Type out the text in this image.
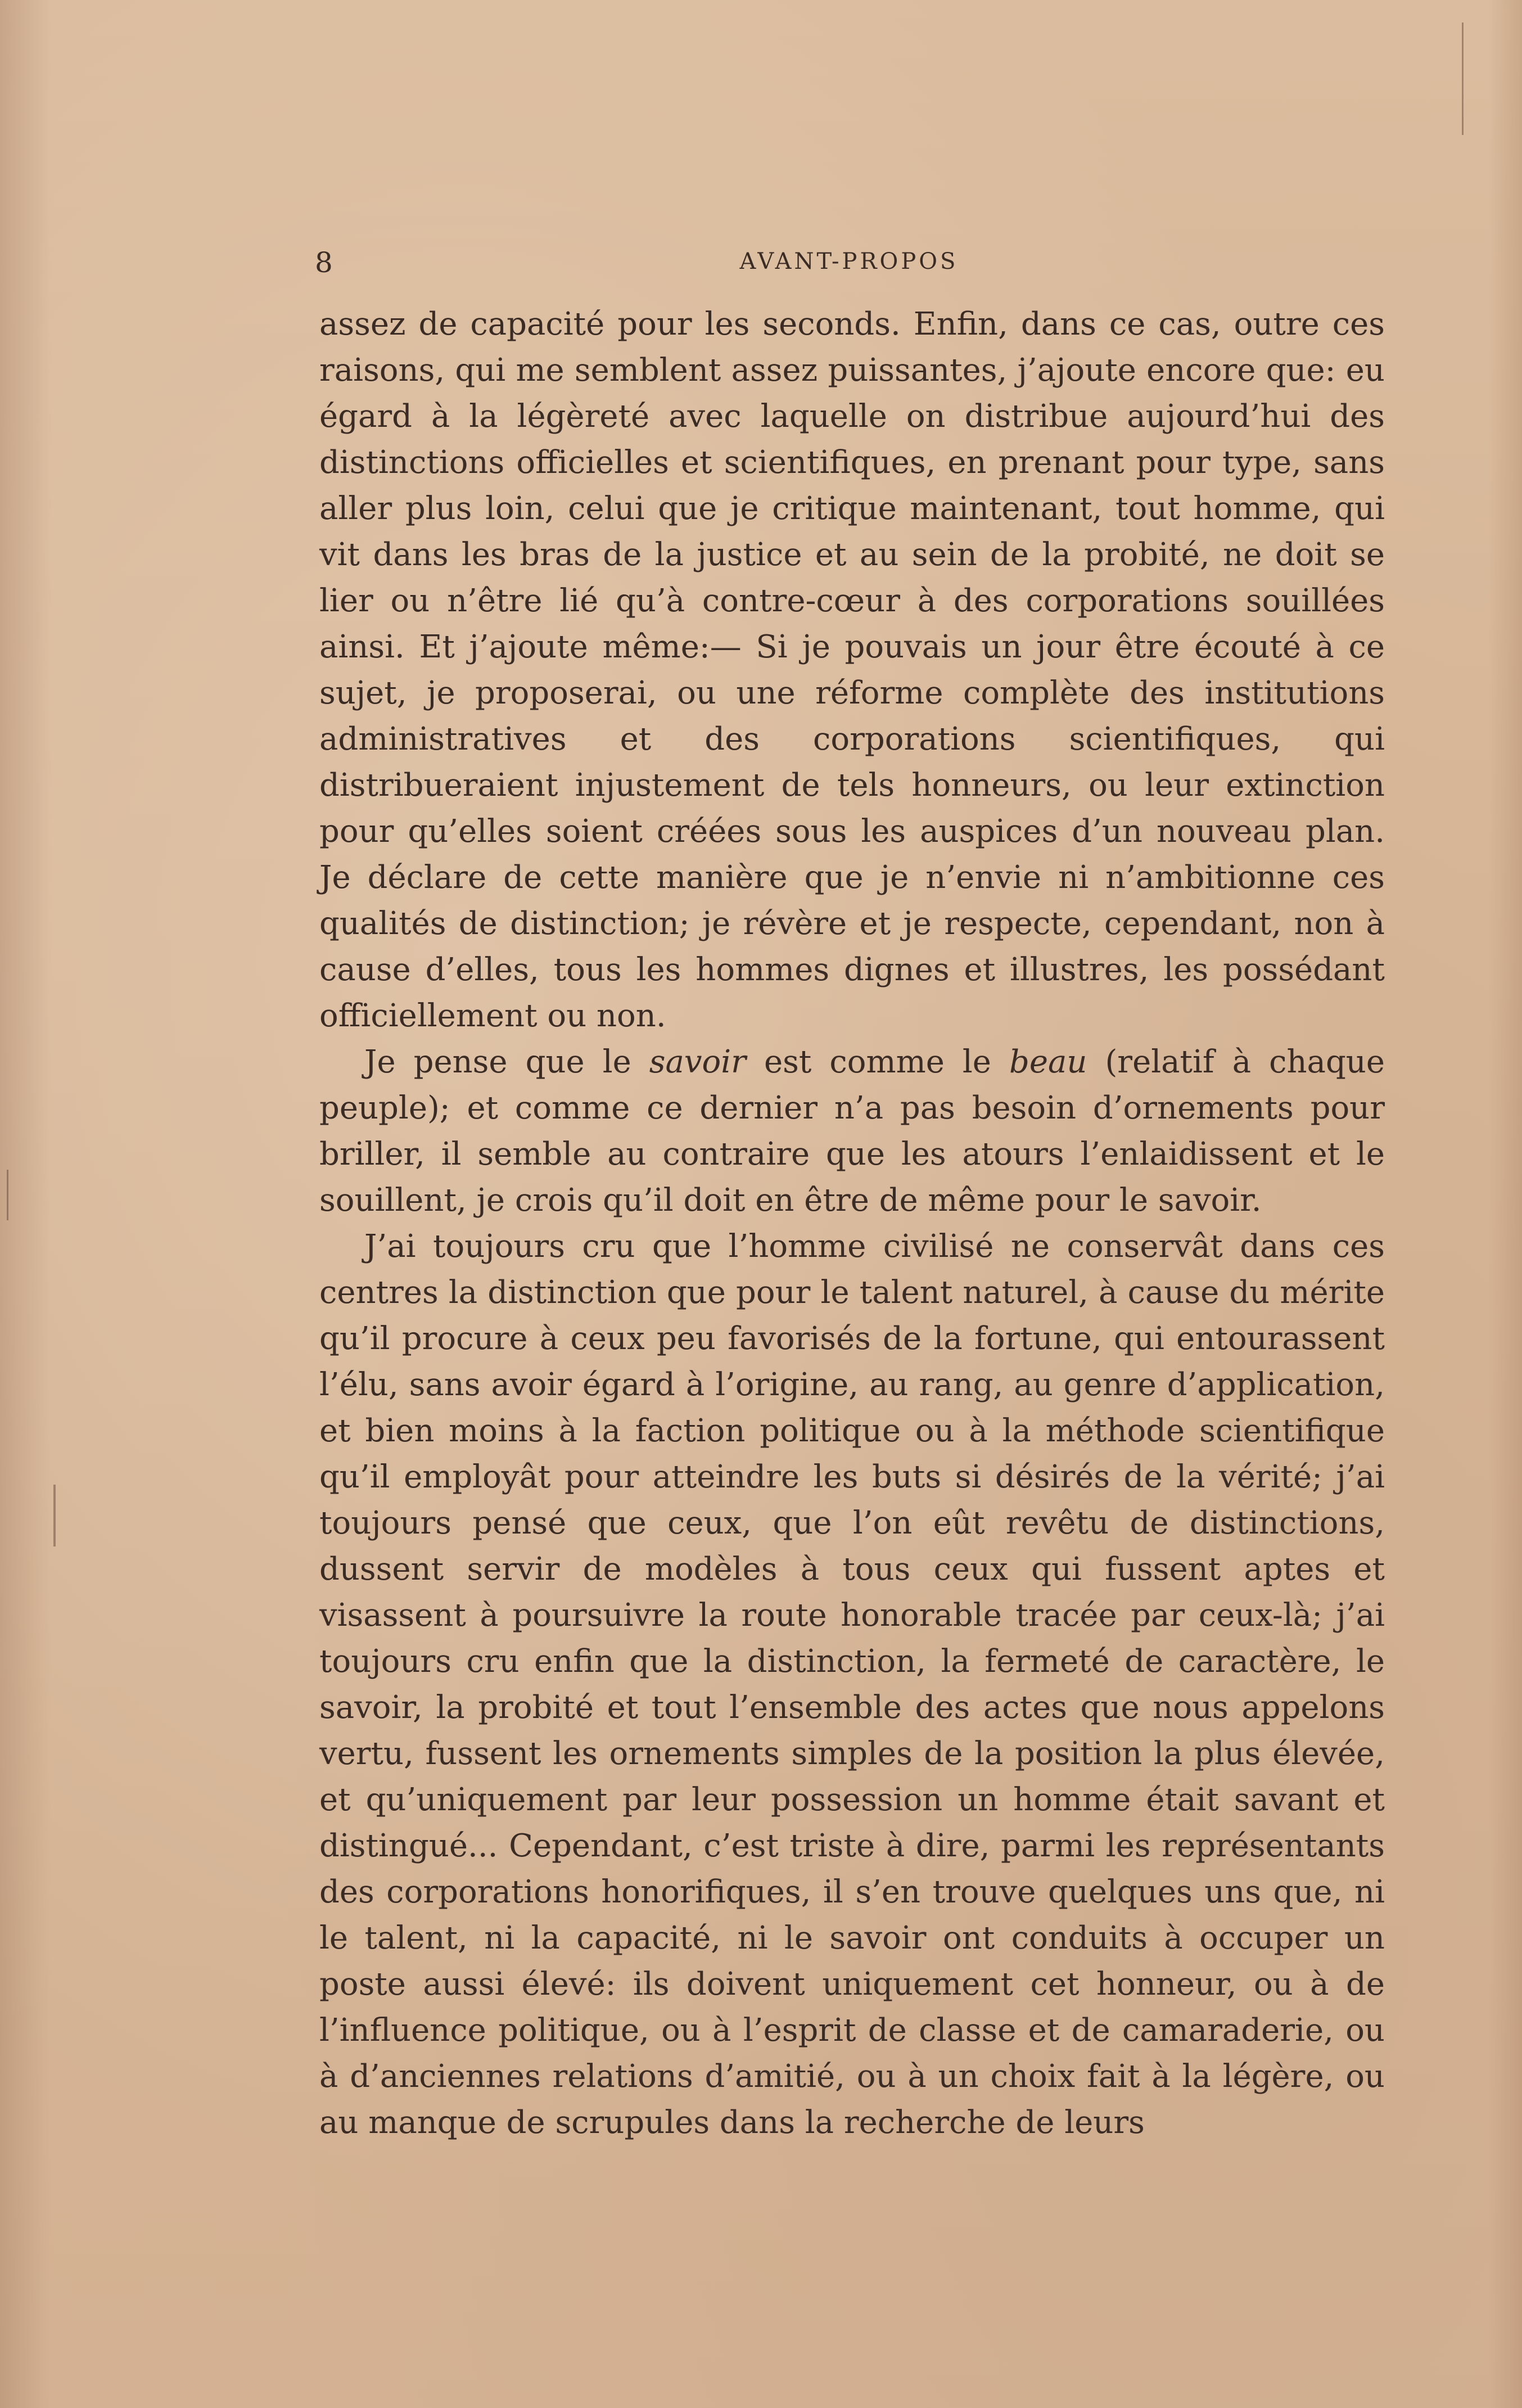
8	AVANT-PROPOS

assez de capacité pour les seconds. Enfin, dans ce cas, outre ces raisons, qui me semblent assez puissantes, j’ajoute encore que: eu égard à la légèreté avec laquelle on distribue aujourd’hui des distinctions officielles et scientifiques, en prenant pour type, sans aller plus loin, celui que je critique maintenant, tout homme, qui vit dans les bras de la justice et au sein de la probité, ne doit se lier ou n’être lié qu’à contre-cœur à des corporations souillées ainsi. Et j’ajoute même:— Si je pouvais un jour être écouté à ce sujet, je proposerai, ou une réforme complète des institutions administratives et des corporations scientifiques, qui distribueraient injustement de tels honneurs, ou leur extinction pour qu’elles soient créées sous les auspices d’un nouveau plan. Je déclare de cette manière que je n’envie ni n’ambitionne ces qualités de distinction; je révère et je respecte, cependant, non à cause d’elles, tous les hommes dignes et illustres, les possédant officiellement ou non.

Je pense que le savoir est comme le beau (relatif à chaque peuple); et comme ce dernier n’a pas besoin d’ornements pour briller, il semble au contraire que les atours l’enlaidissent et le souillent, je crois qu’il doit en être de même pour le savoir.

J’ai toujours cru que l’homme civilisé ne conservât dans ces centres la distinction que pour le talent naturel, à cause du mérite qu’il procure à ceux peu favorisés de la fortune, qui entourassent l’élu, sans avoir égard à l’origine, au rang, au genre d’application, et bien moins à la faction politique ou à la méthode scientifique qu’il employât pour atteindre les buts si désirés de la vérité; j’ai toujours pensé que ceux, que l’on eût revêtu de distinctions, dussent servir de modèles à tous ceux qui fussent aptes et visassent à poursuivre la route honorable tracée par ceux-là; j’ai toujours cru enfin que la distinction, la fermeté de caractère, le savoir, la probité et tout l’ensemble des actes que nous appelons vertu, fussent les ornements simples de la position la plus élevée, et qu’uniquement par leur possession un homme était savant et distingué... Cependant, c’est triste à dire, parmi les représentants des corporations honorifiques, il s’en trouve quelques uns que, ni le talent, ni la capacité, ni le savoir ont conduits à occuper un poste aussi élevé: ils doivent uniquement cet honneur, ou à de l’influence politique, ou à l’esprit de classe et de camaraderie, ou à d’anciennes relations d’amitié, ou à un choix fait à la légère, ou au manque de scrupules dans la recherche de leurs
